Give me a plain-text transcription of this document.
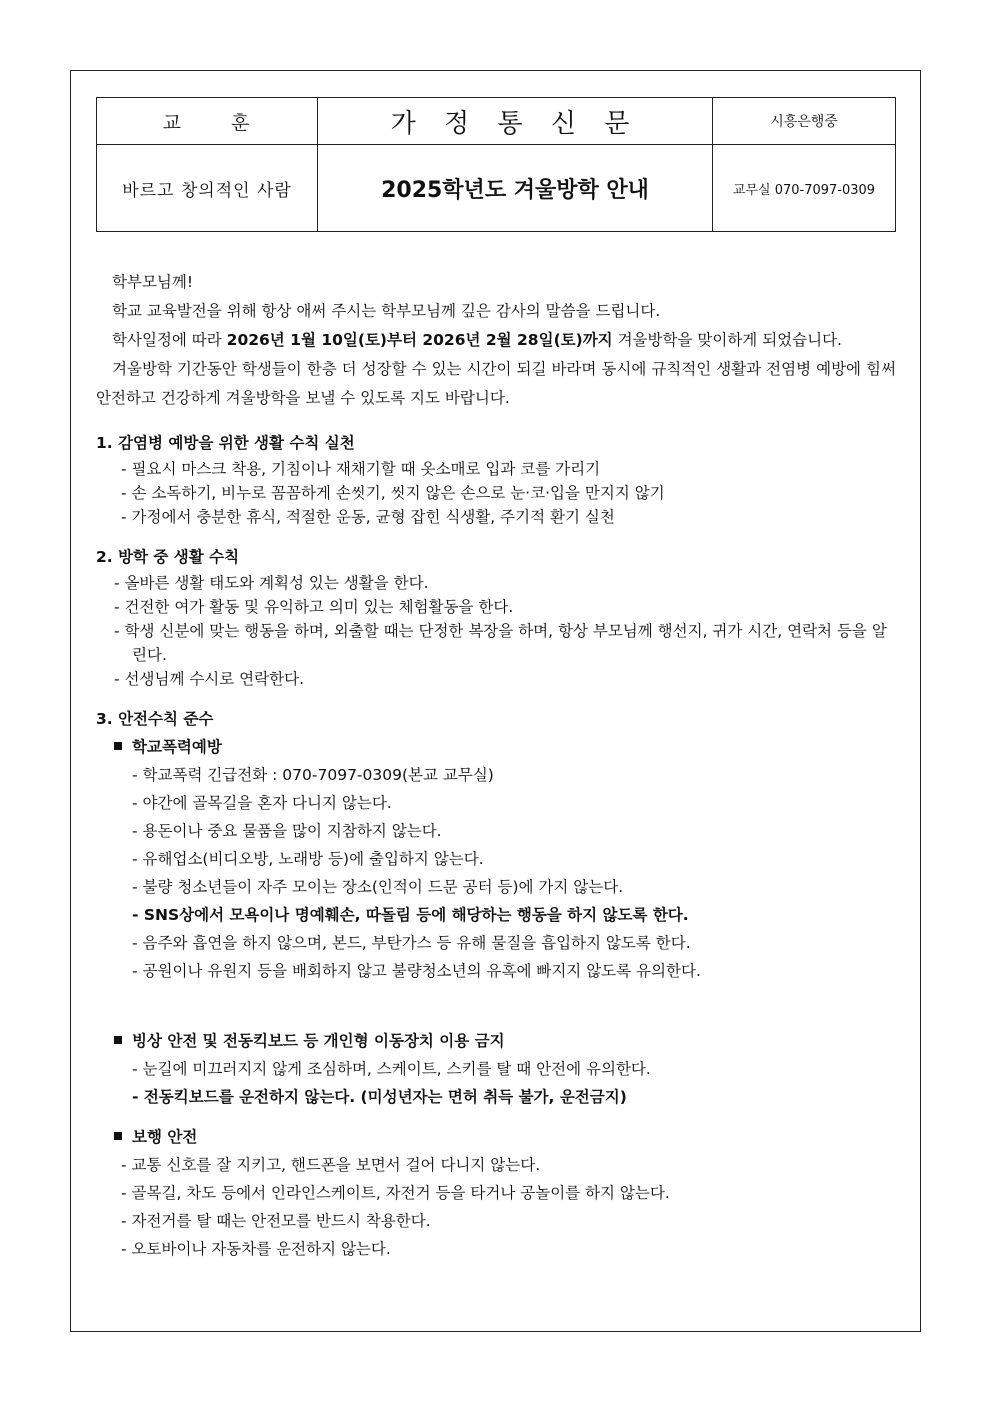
교 훈	가 정 통 신 문	시흥은행중
바르고 창의적인 사람	2025학년도 겨울방학 안내	교무실 070-7097-0309
학부모님께!
학교 교육발전을 위해 항상 애써 주시는 학부모님께 깊은 감사의 말씀을 드립니다.
학사일정에 따라 2026년 1월 10일(토)부터 2026년 2월 28일(토)까지 겨울방학을 맞이하게 되었습니다.
겨울방학 기간동안 학생들이 한층 더 성장할 수 있는 시간이 되길 바라며 동시에 규칙적인 생활과 전염병 예방에 힘써 안전하고 건강하게 겨울방학을 보낼 수 있도록 지도 바랍니다.
1. 감염병 예방을 위한 생활 수칙 실천
- 필요시 마스크 착용, 기침이나 재채기할 때 옷소매로 입과 코를 가리기
- 손 소독하기, 비누로 꼼꼼하게 손씻기, 씻지 않은 손으로 눈·코·입을 만지지 않기
- 가정에서 충분한 휴식, 적절한 운동, 균형 잡힌 식생활, 주기적 환기 실천
2. 방학 중 생활 수칙
- 올바른 생활 태도와 계획성 있는 생활을 한다.
- 건전한 여가 활동 및 유익하고 의미 있는 체험활동을 한다.
- 학생 신분에 맞는 행동을 하며, 외출할 때는 단정한 복장을 하며, 항상 부모님께 행선지, 귀가 시간, 연락처 등을 알린다.
- 선생님께 수시로 연락한다.
3. 안전수칙 준수
학교폭력예방
- 학교폭력 긴급전화 : 070-7097-0309(본교 교무실)
- 야간에 골목길을 혼자 다니지 않는다.
- 용돈이나 중요 물품을 많이 지참하지 않는다.
- 유해업소(비디오방, 노래방 등)에 출입하지 않는다.
- 불량 청소년들이 자주 모이는 장소(인적이 드문 공터 등)에 가지 않는다.
- SNS상에서 모욕이나 명예훼손, 따돌림 등에 해당하는 행동을 하지 않도록 한다.
- 음주와 흡연을 하지 않으며, 본드, 부탄가스 등 유해 물질을 흡입하지 않도록 한다.
- 공원이나 유원지 등을 배회하지 않고 불량청소년의 유혹에 빠지지 않도록 유의한다.
빙상 안전 및 전동킥보드 등 개인형 이동장치 이용 금지
- 눈길에 미끄러지지 않게 조심하며, 스케이트, 스키를 탈 때 안전에 유의한다.
- 전동킥보드를 운전하지 않는다. (미성년자는 면허 취득 불가, 운전금지)
보행 안전
- 교통 신호를 잘 지키고, 핸드폰을 보면서 걸어 다니지 않는다.
- 골목길, 차도 등에서 인라인스케이트, 자전거 등을 타거나 공놀이를 하지 않는다.
- 자전거를 탈 때는 안전모를 반드시 착용한다.
- 오토바이나 자동차를 운전하지 않는다.
